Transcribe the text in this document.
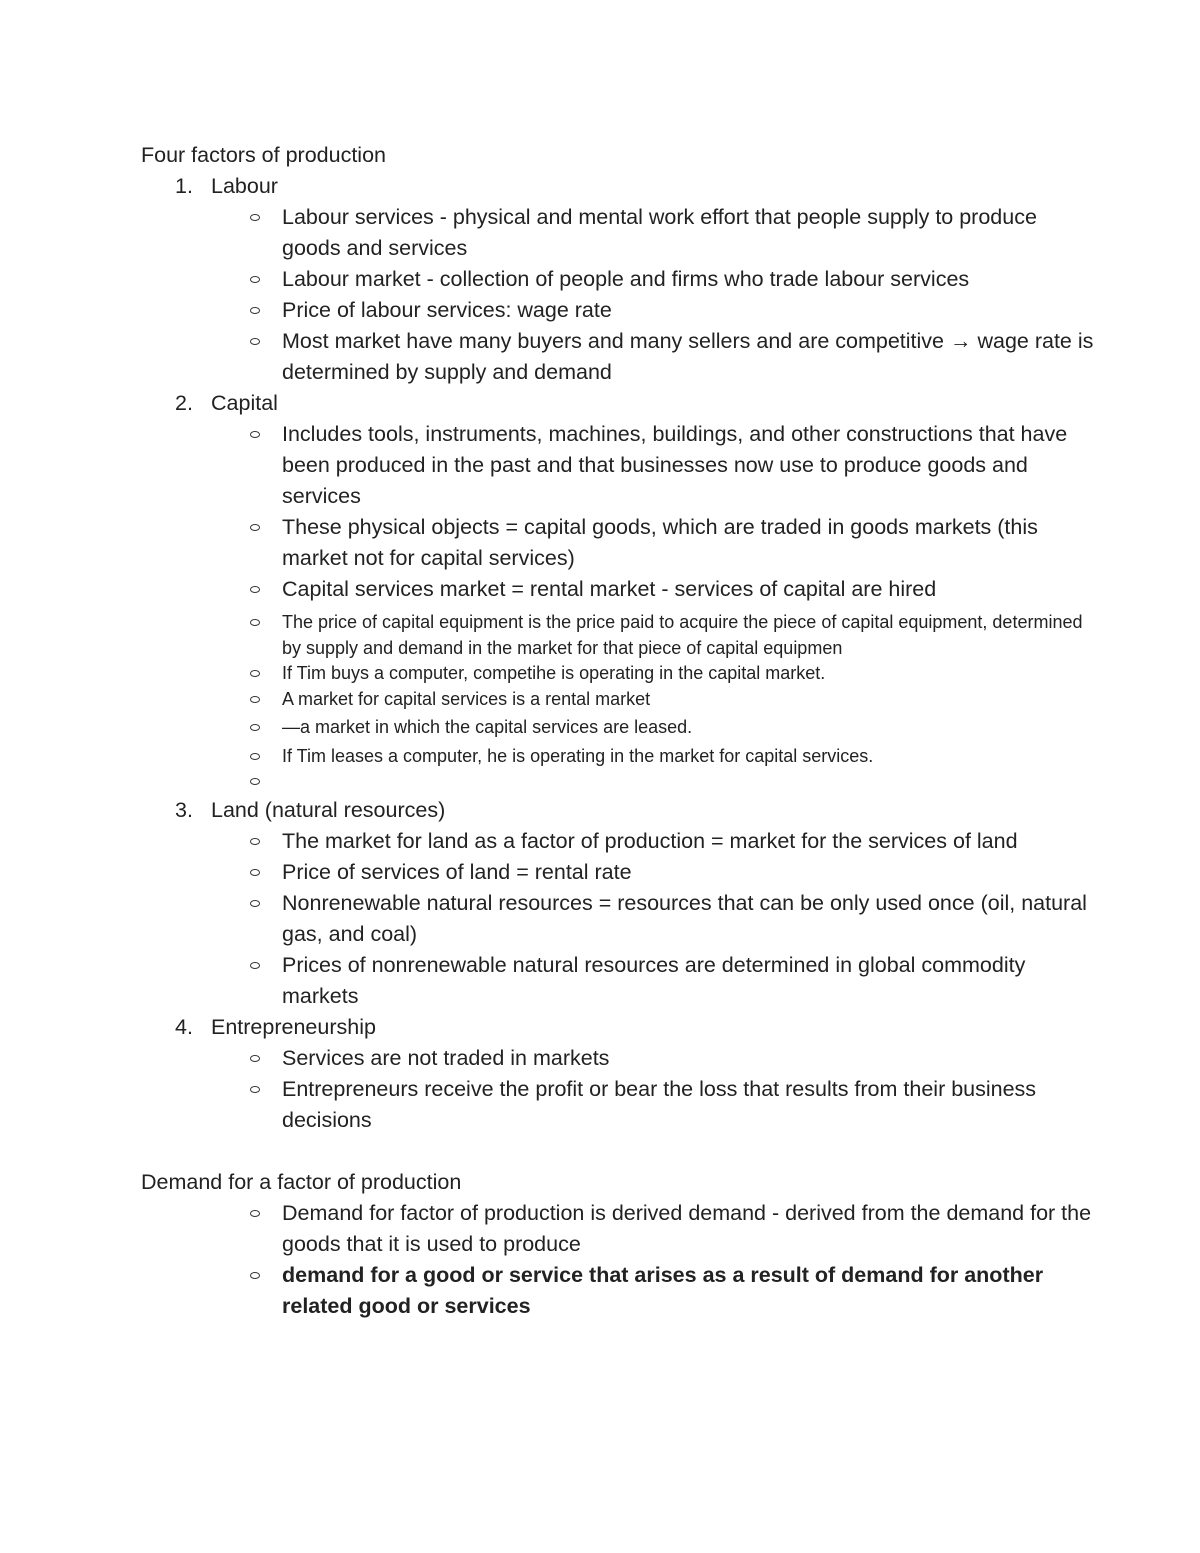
Four factors of production

1. Labour
Labour services - physical and mental work effort that people supply to produce goods and services
Labour market - collection of people and firms who trade labour services
Price of labour services: wage rate
Most market have many buyers and many sellers and are competitive → wage rate is determined by supply and demand
2. Capital
Includes tools, instruments, machines, buildings, and other constructions that have been produced in the past and that businesses now use to produce goods and services
These physical objects = capital goods, which are traded in goods markets (this market not for capital services)
Capital services market = rental market - services of capital are hired
The price of capital equipment is the price paid to acquire the piece of capital equipment, determined by supply and demand in the market for that piece of capital equipmen
If Tim buys a computer, competihe is operating in the capital market.
A market for capital services is a rental market
—a market in which the capital services are leased.
If Tim leases a computer, he is operating in the market for capital services.
3. Land (natural resources)
The market for land as a factor of production = market for the services of land
Price of services of land = rental rate
Nonrenewable natural resources = resources that can be only used once (oil, natural gas, and coal)
Prices of nonrenewable natural resources are determined in global commodity markets
4. Entrepreneurship
Services are not traded in markets
Entrepreneurs receive the profit or bear the loss that results from their business decisions

Demand for a factor of production

Demand for factor of production is derived demand - derived from the demand for the goods that it is used to produce
demand for a good or service that arises as a result of demand for another related good or services
